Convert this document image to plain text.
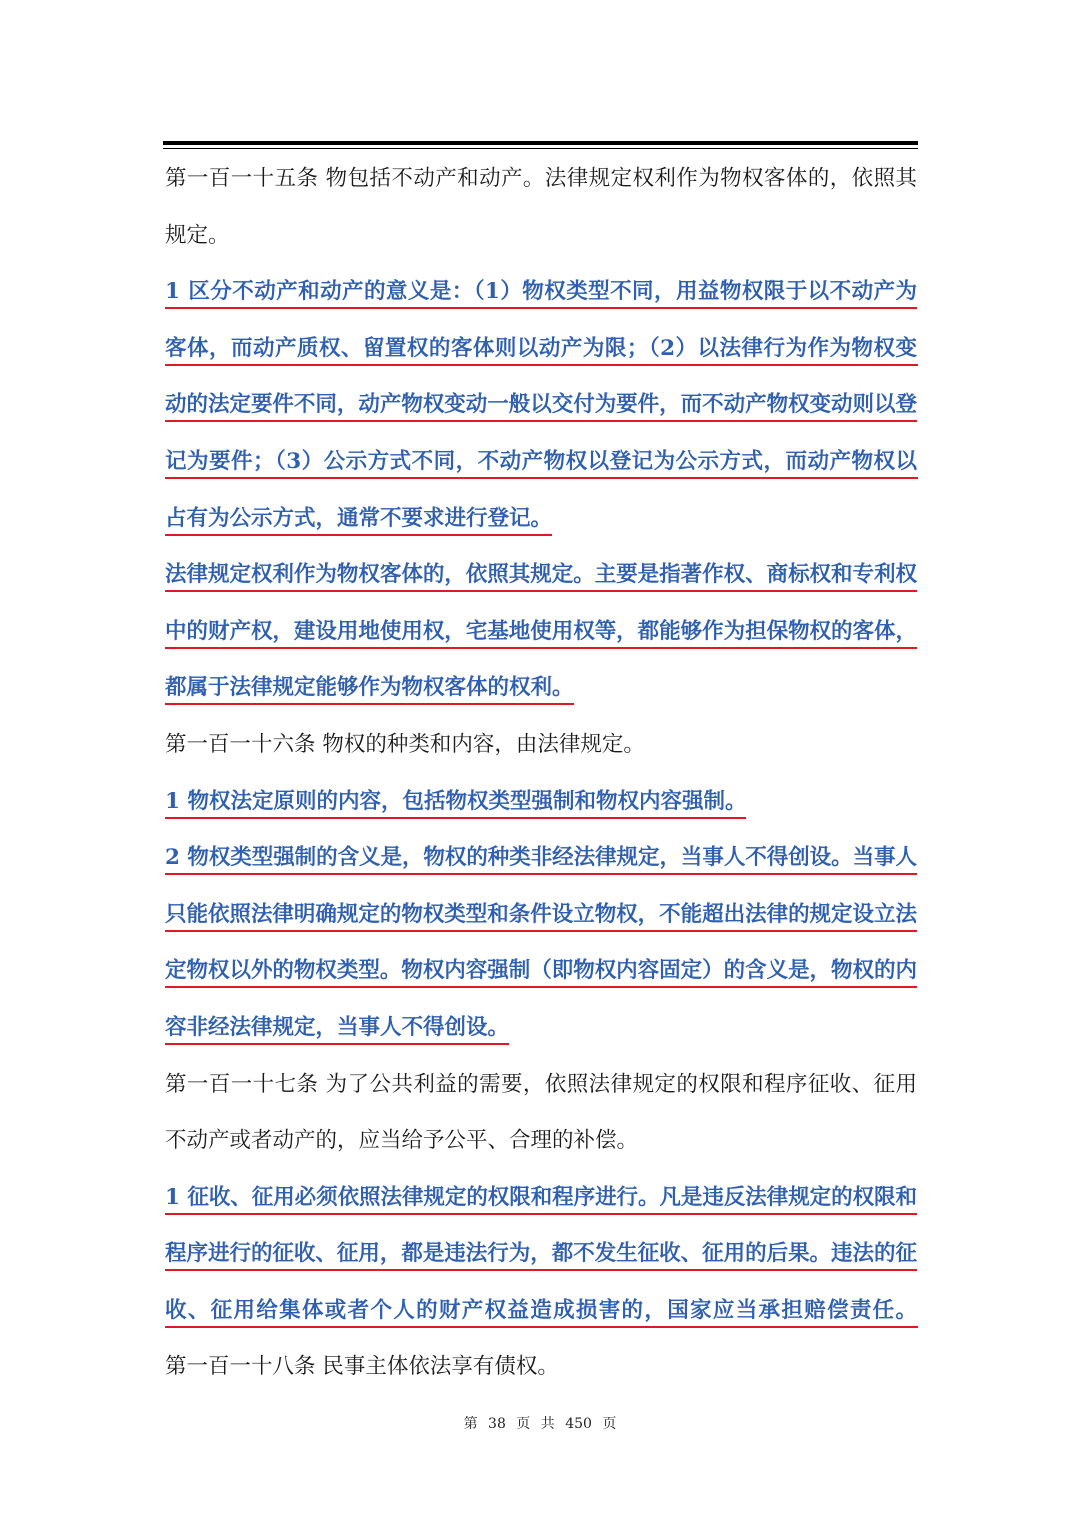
第一百一十五条 物包括不动产和动产。法律规定权利作为物权客体的，依照其
规定。
1 区分不动产和动产的意义是：（1）物权类型不同，用益物权限于以不动产为
客体，而动产质权、留置权的客体则以动产为限；（2）以法律行为作为物权变
动的法定要件不同，动产物权变动一般以交付为要件，而不动产物权变动则以登
记为要件；（3）公示方式不同，不动产物权以登记为公示方式，而动产物权以
占有为公示方式，通常不要求进行登记。
法律规定权利作为物权客体的，依照其规定。主要是指著作权、商标权和专利权
中的财产权，建设用地使用权，宅基地使用权等，都能够作为担保物权的客体，
都属于法律规定能够作为物权客体的权利。
第一百一十六条 物权的种类和内容，由法律规定。
1 物权法定原则的内容，包括物权类型强制和物权内容强制。
2 物权类型强制的含义是，物权的种类非经法律规定，当事人不得创设。当事人
只能依照法律明确规定的物权类型和条件设立物权，不能超出法律的规定设立法
定物权以外的物权类型。物权内容强制（即物权内容固定）的含义是，物权的内
容非经法律规定，当事人不得创设。
第一百一十七条 为了公共利益的需要，依照法律规定的权限和程序征收、征用
不动产或者动产的，应当给予公平、合理的补偿。
1 征收、征用必须依照法律规定的权限和程序进行。凡是违反法律规定的权限和
程序进行的征收、征用，都是违法行为，都不发生征收、征用的后果。违法的征
收、征用给集体或者个人的财产权益造成损害的，国家应当承担赔偿责任。
第一百一十八条 民事主体依法享有债权。
第 38 页 共 450 页
